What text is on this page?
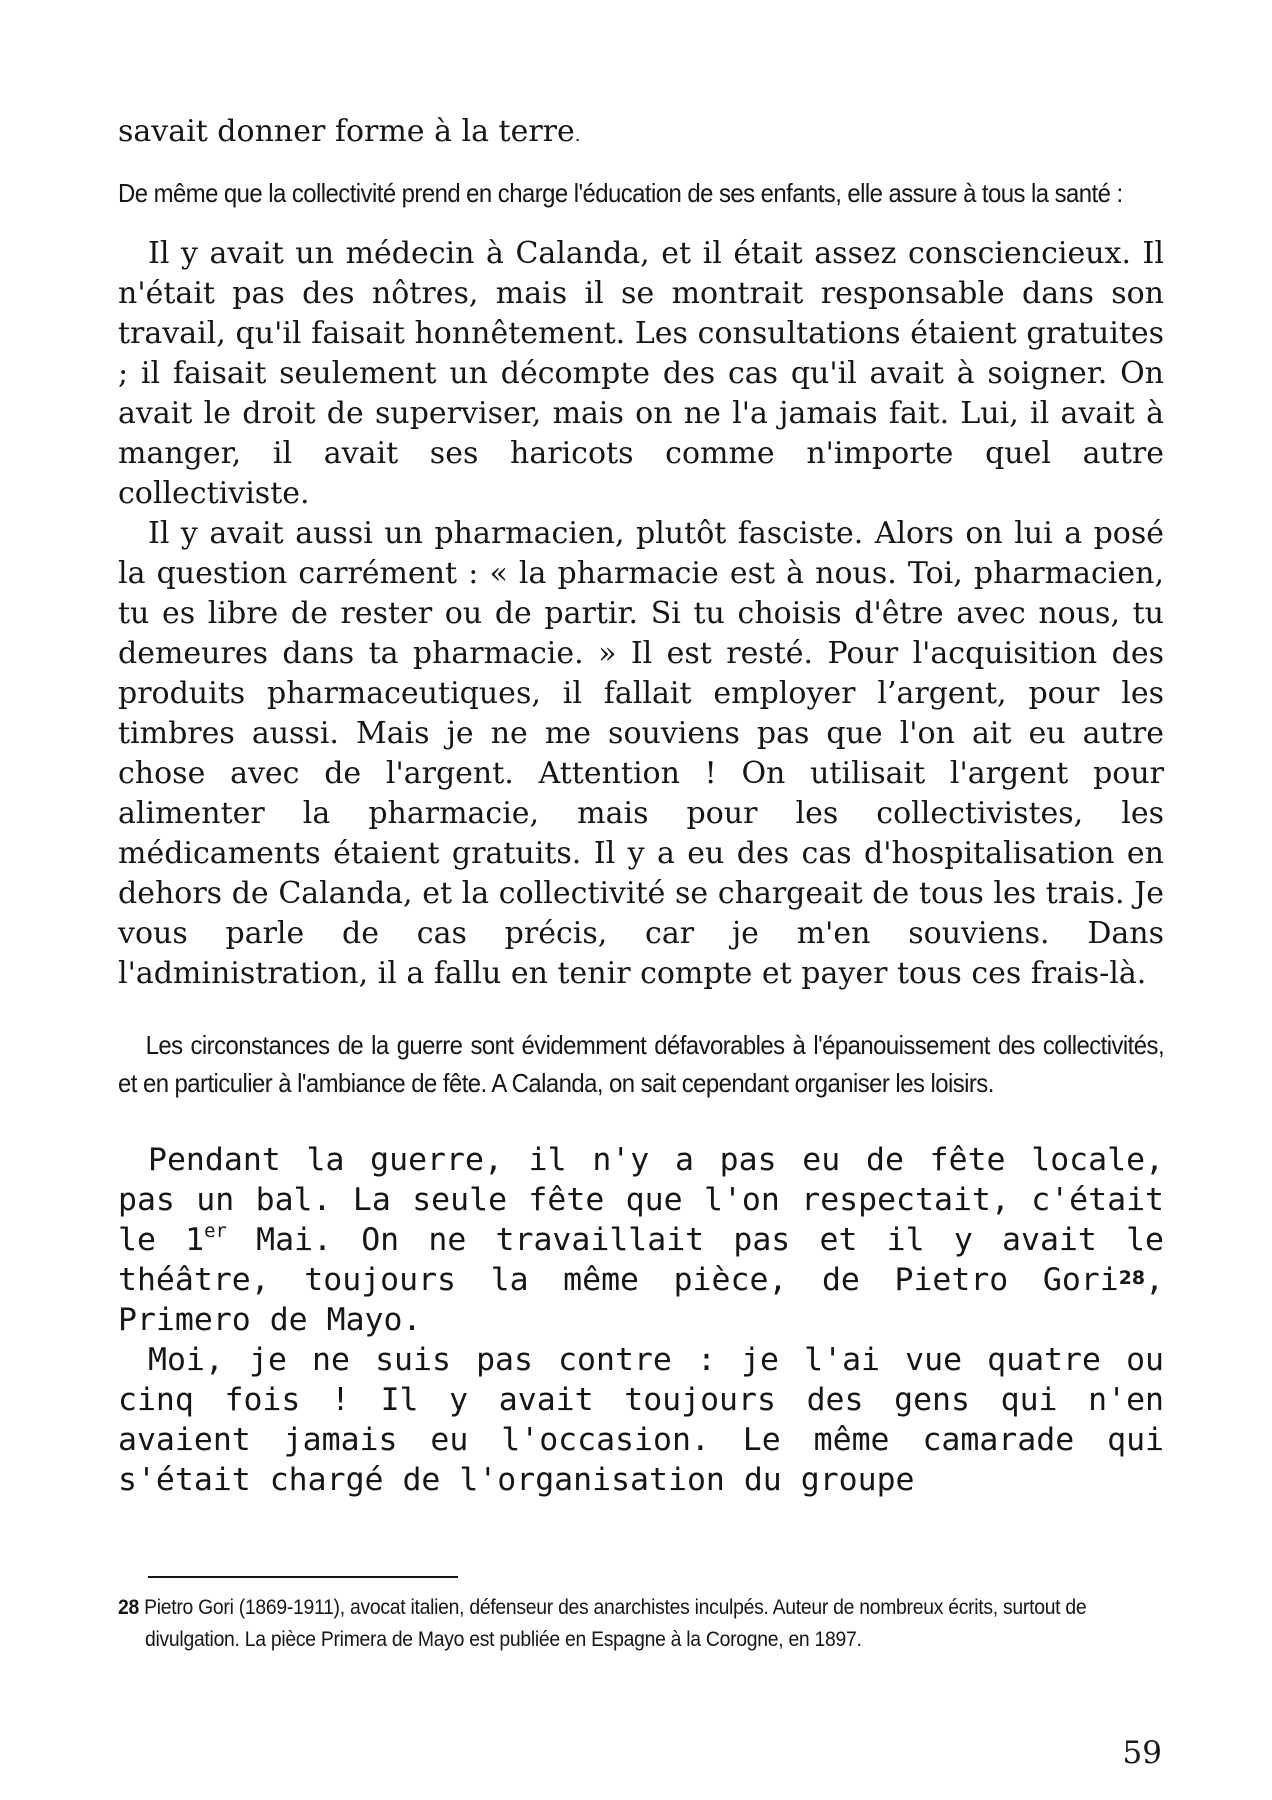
savait donner forme à la terre.

De même que la collectivité prend en charge l'éducation de ses enfants, elle assure à tous la santé :

Il y avait un médecin à Calanda, et il était assez consciencieux. Il n'était pas des nôtres, mais il se montrait responsable dans son travail, qu'il faisait honnêtement. Les consultations étaient gratuites ; il faisait seulement un décompte des cas qu'il avait à soigner. On avait le droit de superviser, mais on ne l'a jamais fait. Lui, il avait à manger, il avait ses haricots comme n'importe quel autre collectiviste.

Il y avait aussi un pharmacien, plutôt fasciste. Alors on lui a posé la question carrément : « la pharmacie est à nous. Toi, pharmacien, tu es libre de rester ou de partir. Si tu choisis d'être avec nous, tu demeures dans ta pharmacie. » Il est resté. Pour l'acquisition des produits pharmaceutiques, il fallait employer l’argent, pour les timbres aussi. Mais je ne me souviens pas que l'on ait eu autre chose avec de l'argent. Attention ! On utilisait l'argent pour alimenter la pharmacie, mais pour les collectivistes, les médicaments étaient gratuits. Il y a eu des cas d'hospitalisation en dehors de Calanda, et la collectivité se chargeait de tous les trais. Je vous parle de cas précis, car je m'en souviens. Dans l'administration, il a fallu en tenir compte et payer tous ces frais-là.

Les circonstances de la guerre sont évidemment défavorables à l'épanouissement des collectivités, et en particulier à l'ambiance de fête. A Calanda, on sait cependant organiser les loisirs.

Pendant la guerre, il n'y a pas eu de fête locale, pas un bal. La seule fête que l'on respectait, c'était le 1er Mai. On ne travaillait pas et il y avait le théâtre, toujours la même pièce, de Pietro Gori28, Primero de Mayo.

Moi, je ne suis pas contre : je l'ai vue quatre ou cinq fois ! Il y avait toujours des gens qui n'en avaient jamais eu l'occasion. Le même camarade qui s'était chargé de l'organisation du groupe

28 Pietro Gori (1869-1911), avocat italien, défenseur des anarchistes inculpés. Auteur de nombreux écrits, surtout de divulgation. La pièce Primera de Mayo est publiée en Espagne à la Corogne, en 1897.

59
